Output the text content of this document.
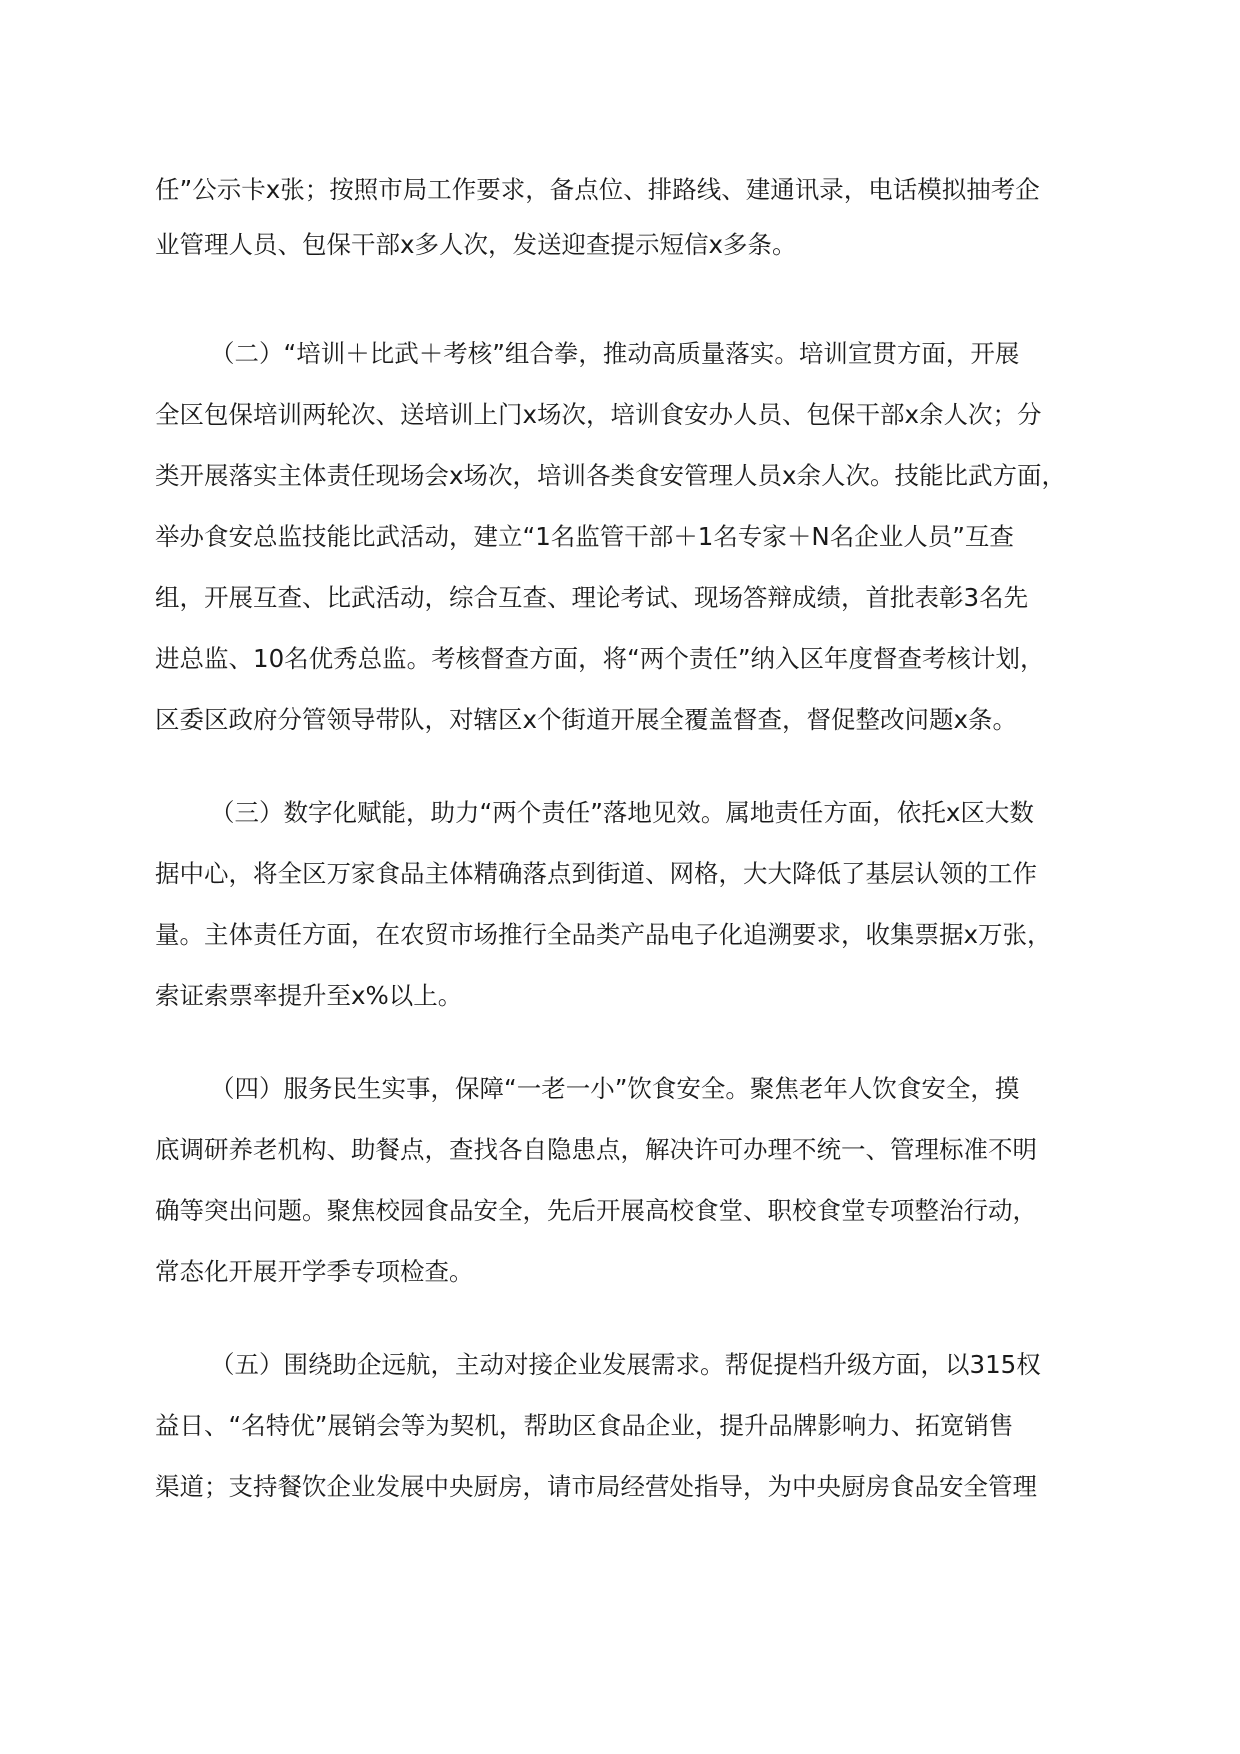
任”公示卡x张；按照市局工作要求，备点位、排路线、建通讯录，电话模拟抽考企
业管理人员、包保干部x多人次，发送迎查提示短信x多条。
（二）“培训＋比武＋考核”组合拳，推动高质量落实。培训宣贯方面，开展
全区包保培训两轮次、送培训上门x场次，培训食安办人员、包保干部x余人次；分
类开展落实主体责任现场会x场次，培训各类食安管理人员x余人次。技能比武方面，
举办食安总监技能比武活动，建立“1名监管干部＋1名专家＋N名企业人员”互查
组，开展互查、比武活动，综合互查、理论考试、现场答辩成绩，首批表彰3名先
进总监、10名优秀总监。考核督查方面，将“两个责任”纳入区年度督查考核计划，
区委区政府分管领导带队，对辖区x个街道开展全覆盖督查，督促整改问题x条。
（三）数字化赋能，助力“两个责任”落地见效。属地责任方面，依托x区大数
据中心，将全区万家食品主体精确落点到街道、网格，大大降低了基层认领的工作
量。主体责任方面，在农贸市场推行全品类产品电子化追溯要求，收集票据x万张，
索证索票率提升至x%以上。
（四）服务民生实事，保障“一老一小”饮食安全。聚焦老年人饮食安全，摸
底调研养老机构、助餐点，查找各自隐患点，解决许可办理不统一、管理标准不明
确等突出问题。聚焦校园食品安全，先后开展高校食堂、职校食堂专项整治行动，
常态化开展开学季专项检查。
（五）围绕助企远航，主动对接企业发展需求。帮促提档升级方面，以315权
益日、“名特优”展销会等为契机，帮助区食品企业，提升品牌影响力、拓宽销售
渠道；支持餐饮企业发展中央厨房，请市局经营处指导，为中央厨房食品安全管理
